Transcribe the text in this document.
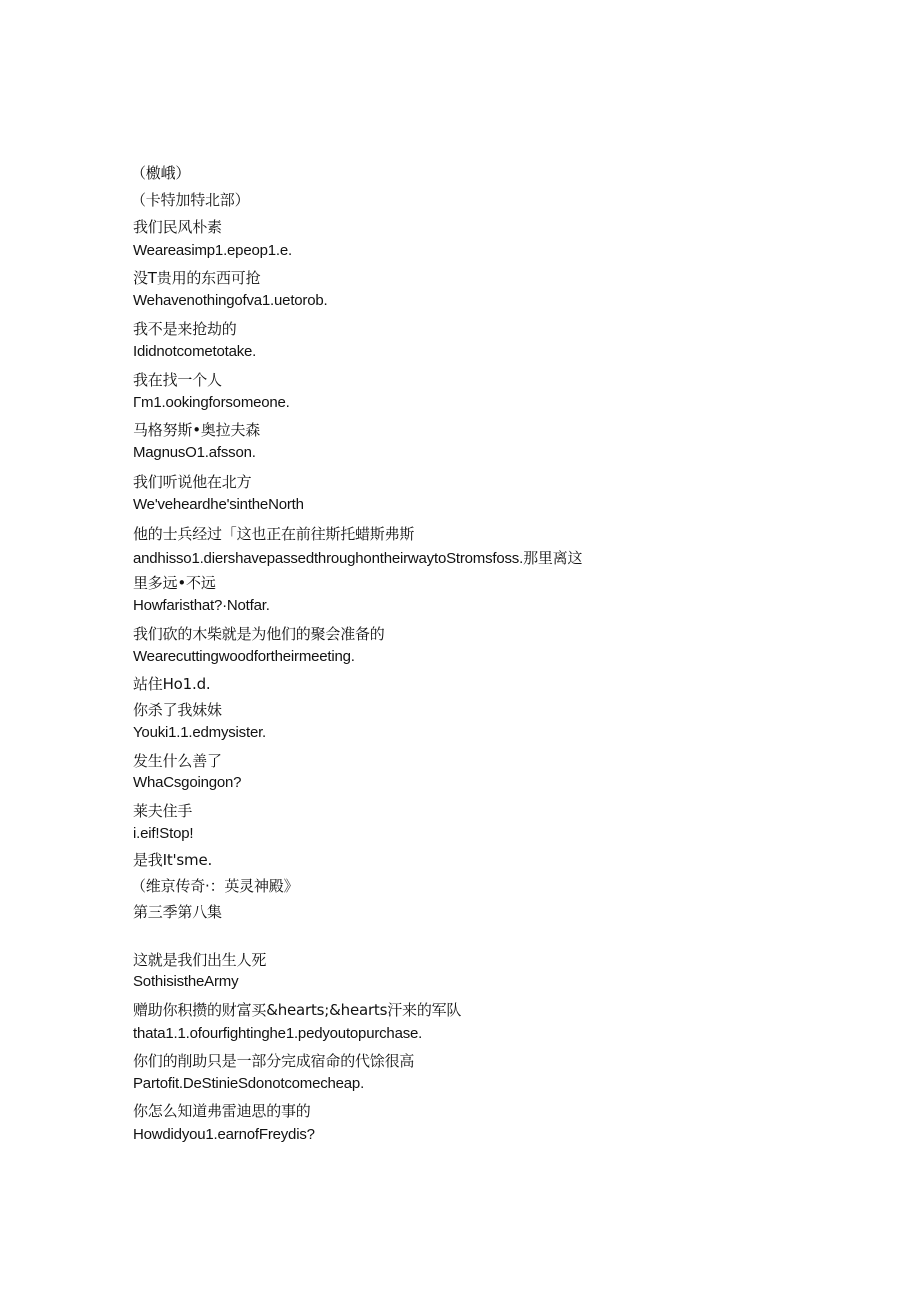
（檄峨）
（卡特加特北部）
我们民风朴素
Weareasimp1.epeop1.e.
没T贵用的东西可抢
Wehavenothingofva1.uetorob.
我不是来抢劫的
Ididnotcometotake.
我在找一个人
Γm1.ookingforsomeone.
马格努斯•奥拉夫森
MagnusO1.afsson.
我们听说他在北方
We'veheardhe'sintheNorth
他的士兵经过「这也正在前往斯托蜡斯弗斯
andhisso1.diershavepassedthroughontheirwaytoStromsfoss.那里离这
里多远•不远
Howfaristhat?·Notfar.
我们砍的木柴就是为他们的聚会准备的
Wearecuttingwoodfortheirmeeting.
站住Ho1.d.
你杀了我妹妹
Youki1.1.edmysister.
发生什么善了
WhaCsgoingon?
莱夫住手
i.eif!Stop!
是我It'sme.
（维京传奇·：英灵神殿》
第三季第八集
这就是我们出生人死
SothisistheArmy
赠助你积攒的财富买&hearts;&hearts汗来的军队
thata1.1.ofourfightinghe1.pedyoutopurchase.
你们的削助只是一部分完成宿命的代馀很高
Partofit.DeStinieSdonotcomecheap.
你怎么知道弗雷迪思的事的
Howdidyou1.earnofFreydis?
